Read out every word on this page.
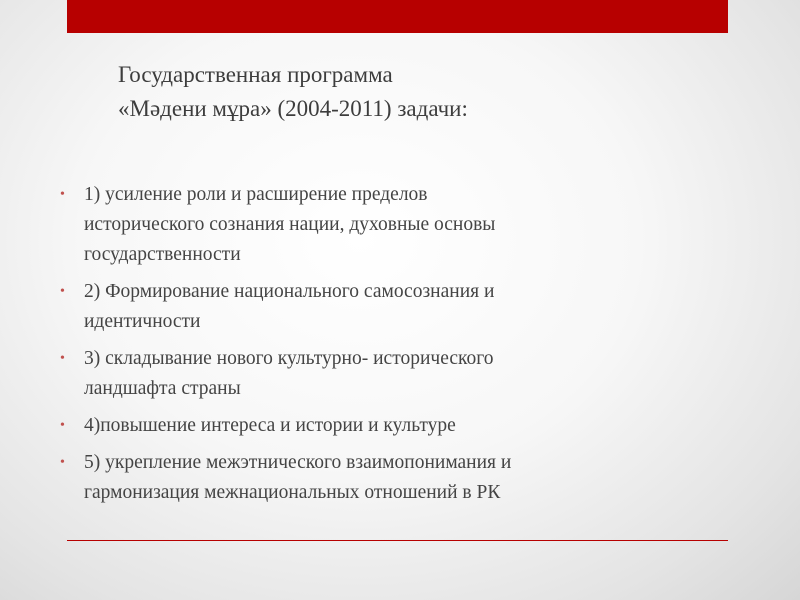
Государственная программа
«Мәдени мұра» (2004-2011) задачи:
• 1) усиление роли и расширение пределов
исторического сознания нации, духовные основы
государственности
• 2) Формирование национального самосознания и
идентичности
• 3) складывание нового культурно- исторического
ландшафта страны
• 4)повышение интереса и истории и культуре
• 5) укрепление межэтнического взаимопонимания и
гармонизация межнациональных отношений в РК
